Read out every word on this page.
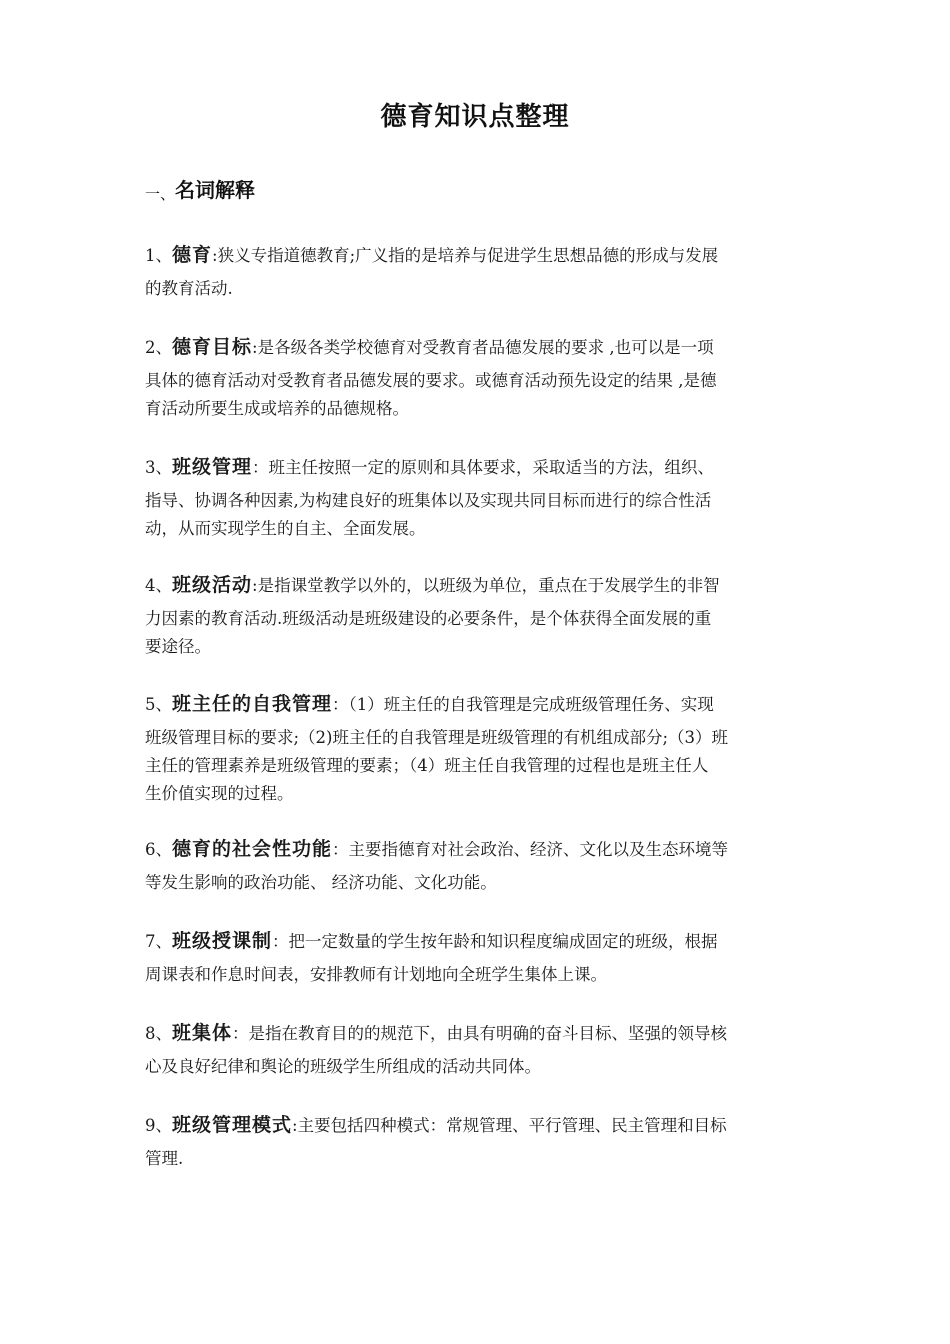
德育知识点整理
一、名词解释
1、德育:狭义专指道德教育;广义指的是培养与促进学生思想品德的形成与发展
的教育活动.
2、德育目标:是各级各类学校德育对受教育者品德发展的要求 ,也可以是一项
具体的德育活动对受教育者品德发展的要求。或德育活动预先设定的结果 ,是德
育活动所要生成或培养的品德规格。
3、班级管理：班主任按照一定的原则和具体要求，采取适当的方法，组织、
指导、协调各种因素,为构建良好的班集体以及实现共同目标而进行的综合性活
动，从而实现学生的自主、全面发展。
4、班级活动:是指课堂教学以外的，以班级为单位，重点在于发展学生的非智
力因素的教育活动.班级活动是班级建设的必要条件，是个体获得全面发展的重
要途径。
5、班主任的自我管理：（1）班主任的自我管理是完成班级管理任务、实现
班级管理目标的要求;（2)班主任的自我管理是班级管理的有机组成部分;（3）班
主任的管理素养是班级管理的要素；（4）班主任自我管理的过程也是班主任人
生价值实现的过程。
6、德育的社会性功能：主要指德育对社会政治、经济、文化以及生态环境等
等发生影响的政治功能、 经济功能、文化功能。
7、班级授课制：把一定数量的学生按年龄和知识程度编成固定的班级，根据
周课表和作息时间表，安排教师有计划地向全班学生集体上课。
8、班集体：是指在教育目的的规范下，由具有明确的奋斗目标、坚强的领导核
心及良好纪律和舆论的班级学生所组成的活动共同体。
9、班级管理模式:主要包括四种模式：常规管理、平行管理、民主管理和目标
管理.
